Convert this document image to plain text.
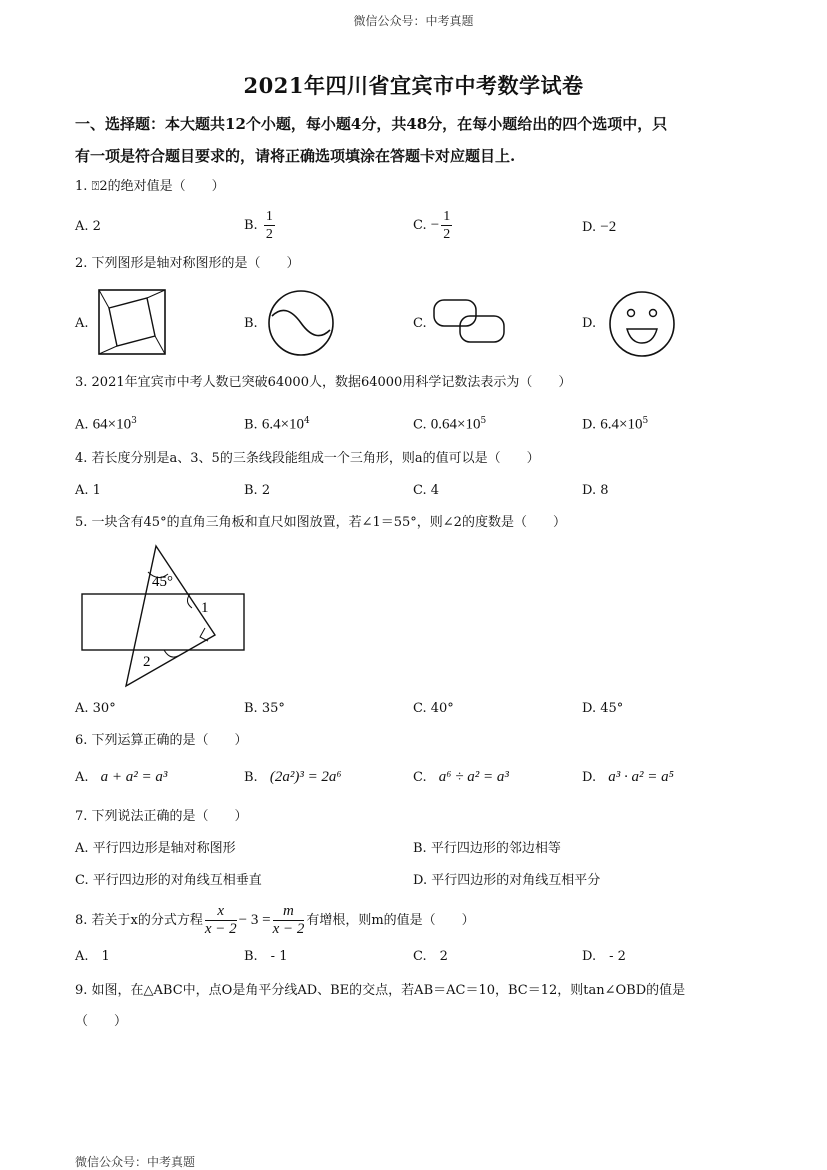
微信公众号：中考真题
微信公众号：中考真题
2021年四川省宜宾市中考数学试卷
一、选择题：本大题共12个小题，每小题4分，共48分，在每小题给出的四个选项中，只
有一项是符合题目要求的，请将正确选项填涂在答题卡对应题目上.
1. ⍰2的绝对值是（　　）
A. 2	B. $\frac{1}{2}$	C. − $\frac{1}{2}$	D. −2
2. 下列图形是轴对称图形的是（　　）
A.	B.	C.	D.
3. 2021年宜宾市中考人数已突破64000人，数据64000用科学记数法表示为（　　）
A. $64\times 10^3$	B. $6.4\times 10^4$	C. $0.64\times 10^5$	D. $6.4\times 10^5$
4. 若长度分别是a、3、5的三条线段能组成一个三角形，则a的值可以是（　　）
A. 1	B. 2	C. 4	D. 8
5. 一块含有45°的直角三角板和直尺如图放置，若∠1＝55°，则∠2的度数是（　　）
45°
1
2
A. 30°	B. 35°	C. 40°	D. 45°
6. 下列运算正确的是（　　）
A. a + a² = a³	B. (2a²)³ = 2a⁶	C. a⁶ ÷ a² = a³	D. a³ · a² = a⁵
7. 下列说法正确的是（　　）
A. 平行四边形是轴对称图形	B. 平行四边形的邻边相等
C. 平行四边形的对角线互相垂直	D. 平行四边形的对角线互相平分
8. 若关于x的分式方程 $\frac{x}{x - 2} - 3 = \frac{m}{x - 2}$ 有增根，则m的值是（　　）
A.　1	B.　- 1	C.　2	D.　- 2
9. 如图，在△ABC中，点O是角平分线AD、BE的交点，若AB＝AC＝10，BC＝12，则tan∠OBD的值是
（　　）
